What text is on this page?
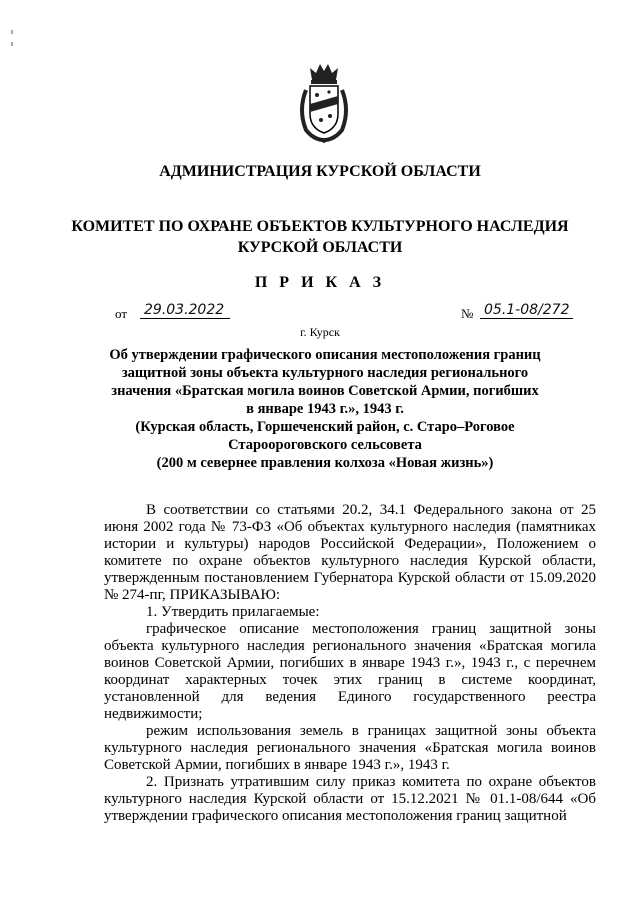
АДМИНИСТРАЦИЯ КУРСКОЙ ОБЛАСТИ
КОМИТЕТ ПО ОХРАНЕ ОБЪЕКТОВ КУЛЬТУРНОГО НАСЛЕДИЯ
КУРСКОЙ ОБЛАСТИ
П Р И К А З
от 29.03.2022	№ 05.1-08/272
г. Курск
Об утверждении графического описания местоположения границ
защитной зоны объекта культурного наследия регионального
значения «Братская могила воинов Советской Армии, погибших
в январе 1943 г.», 1943 г.
(Курская область, Горшеченский район, с. Старо–Роговое
Староороговского сельсовета
(200 м севернее правления колхоза «Новая жизнь»)

В соответствии со статьями 20.2, 34.1 Федерального закона от 25 июня 2002 года № 73-ФЗ «Об объектах культурного наследия (памятниках истории и культуры) народов Российской Федерации», Положением о комитете по охране объектов культурного наследия Курской области, утвержденным постановлением Губернатора Курской области от 15.09.2020 № 274-пг, ПРИКАЗЫВАЮ:

1. Утвердить прилагаемые:

графическое описание местоположения границ защитной зоны объекта культурного наследия регионального значения «Братская могила воинов Советской Армии, погибших в январе 1943 г.», 1943 г., с перечнем координат характерных точек этих границ в системе координат, установленной для ведения Единого государственного реестра недвижимости;

режим использования земель в границах защитной зоны объекта культурного наследия регионального значения «Братская могила воинов Советской Армии, погибших в январе 1943 г.», 1943 г.

2. Признать утратившим силу приказ комитета по охране объектов культурного наследия Курской области от 15.12.2021 № 01.1-08/644 «Об утверждении графического описания местоположения границ защитной
